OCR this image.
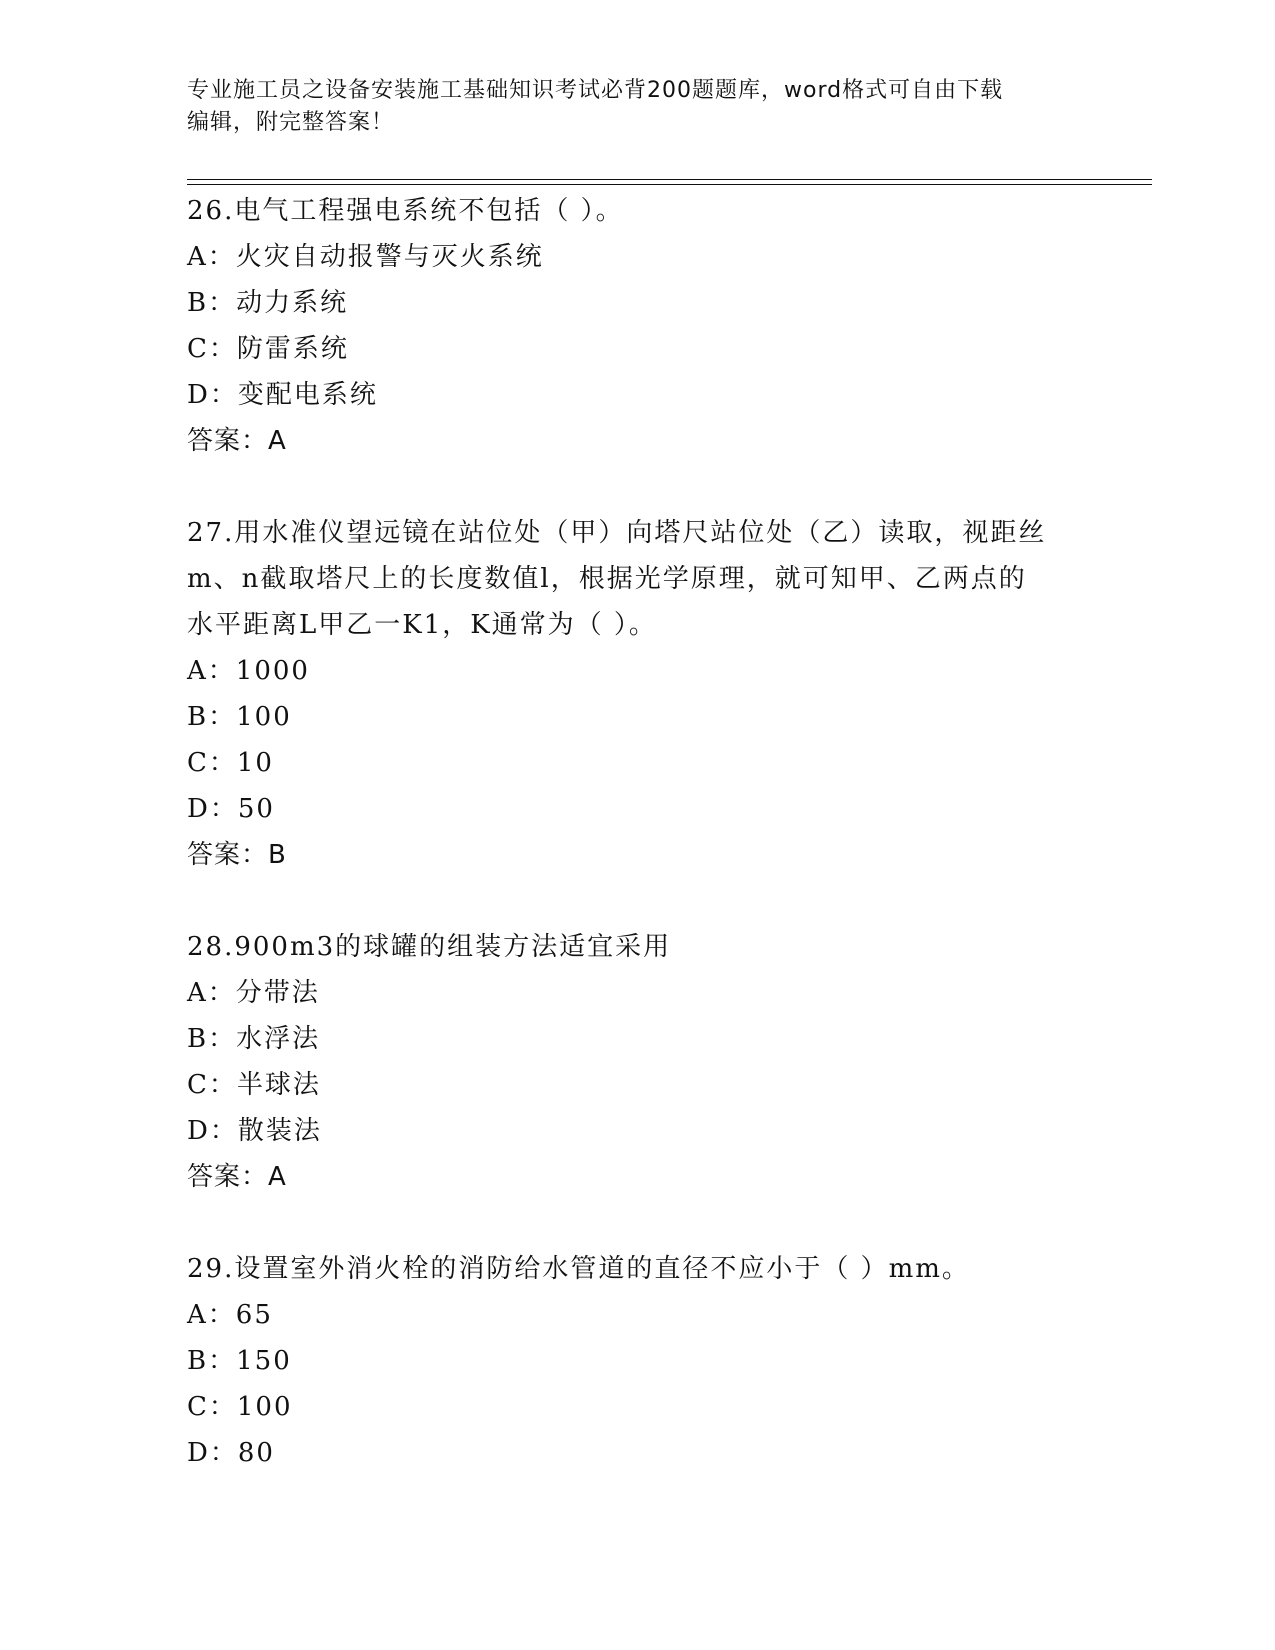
专业施工员之设备安装施工基础知识考试必背200题题库，word格式可自由下载
编辑，附完整答案！
26.电气工程强电系统不包括（ ）。
A：火灾自动报警与灭火系统
B：动力系统
C：防雷系统
D：变配电系统
答案：A
27.用水准仪望远镜在站位处（甲）向塔尺站位处（乙）读取，视距丝
m、n截取塔尺上的长度数值l，根据光学原理，就可知甲、乙两点的
水平距离L甲乙一K1，K通常为（ ）。
A：1000
B：100
C：10
D：50
答案：B
28.900m3的球罐的组装方法适宜采用
A：分带法
B：水浮法
C：半球法
D：散装法
答案：A
29.设置室外消火栓的消防给水管道的直径不应小于（ ）mm。
A：65
B：150
C：100
D：80
